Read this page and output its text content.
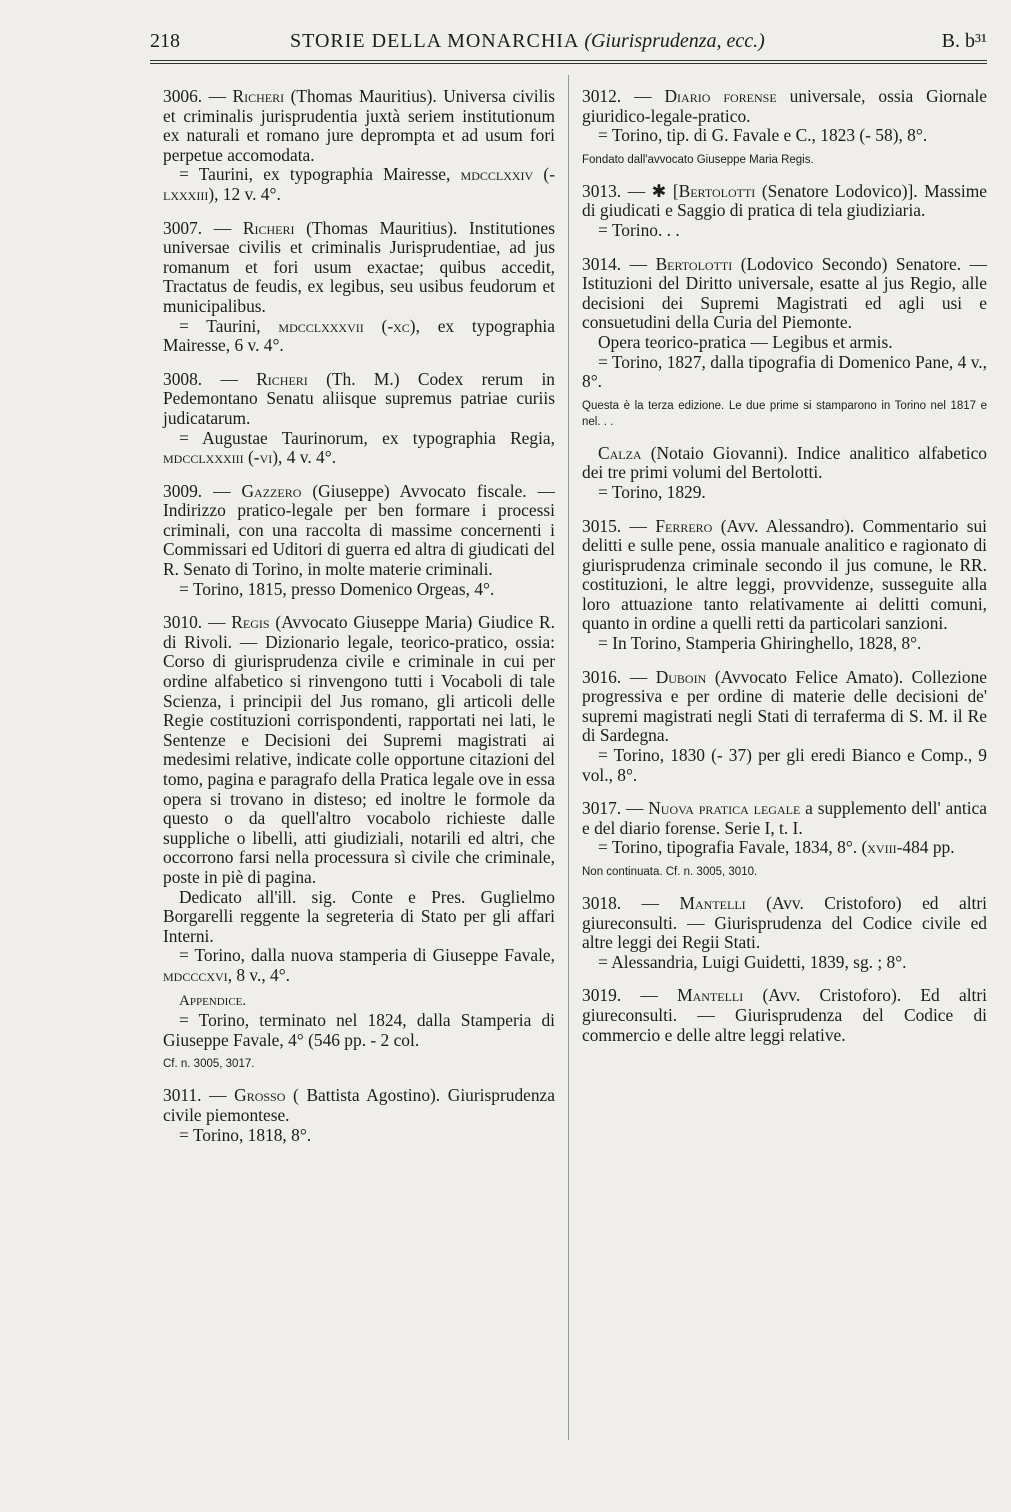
218	STORIE DELLA MONARCHIA (Giurisprudenza, ecc.)	B. b³¹

3006. — Richeri (Thomas Mauritius). Universa civilis et criminalis jurisprudentia juxtà seriem institutionum ex naturali et romano jure deprompta et ad usum fori perpetue accomodata.

= Taurini, ex typographia Mairesse, mdcclxxiv (-lxxxiii), 12 v. 4°.

3007. — Richeri (Thomas Mauritius). Institutiones universae civilis et criminalis Jurisprudentiae, ad jus romanum et fori usum exactae; quibus accedit, Tractatus de feudis, ex legibus, seu usibus feudorum et municipalibus.

= Taurini, mdcclxxxvii (-xc), ex typographia Mairesse, 6 v. 4°.

3008. — Richeri (Th. M.) Codex rerum in Pedemontano Senatu aliisque supremus patriae curiis judicatarum.

= Augustae Taurinorum, ex typographia Regia, mdcclxxxiii (-vi), 4 v. 4°.

3009. — Gazzero (Giuseppe) Avvocato fiscale. — Indirizzo pratico-legale per ben formare i processi criminali, con una raccolta di massime concernenti i Commissari ed Uditori di guerra ed altra di giudicati del R. Senato di Torino, in molte materie criminali.

= Torino, 1815, presso Domenico Orgeas, 4°.

3010. — Regis (Avvocato Giuseppe Maria) Giudice R. di Rivoli. — Dizionario legale, teorico-pratico, ossia: Corso di giurisprudenza civile e criminale in cui per ordine alfabetico si rinvengono tutti i Vocaboli di tale Scienza, i principii del Jus romano, gli articoli delle Regie costituzioni corrispondenti, rapportati nei lati, le Sentenze e Decisioni dei Supremi magistrati ai medesimi relative, indicate colle opportune citazioni del tomo, pagina e paragrafo della Pratica legale ove in essa opera si trovano in disteso; ed inoltre le formole da questo o da quell'altro vocabolo richieste dalle suppliche o libelli, atti giudiziali, notarili ed altri, che occorrono farsi nella processura sì civile che criminale, poste in piè di pagina.

Dedicato all'ill. sig. Conte e Pres. Guglielmo Borgarelli reggente la segreteria di Stato per gli affari Interni.

= Torino, dalla nuova stamperia di Giuseppe Favale, mdcccxvi, 8 v., 4°.

Appendice.

= Torino, terminato nel 1824, dalla Stamperia di Giuseppe Favale, 4° (546 pp. - 2 col.

Cf. n. 3005, 3017.

3011. — Grosso ( Battista Agostino). Giurisprudenza civile piemontese.

= Torino, 1818, 8°.

3012. — Diario forense universale, ossia Giornale giuridico-legale-pratico.

= Torino, tip. di G. Favale e C., 1823 (- 58), 8°.

Fondato dall'avvocato Giuseppe Maria Regis.

3013. — ✱ [Bertolotti (Senatore Lodovico)]. Massime di giudicati e Saggio di pratica di tela giudiziaria.

= Torino. . .

3014. — Bertolotti (Lodovico Secondo) Senatore. — Istituzioni del Diritto universale, esatte al jus Regio, alle decisioni dei Supremi Magistrati ed agli usi e consuetudini della Curia del Piemonte.

Opera teorico-pratica — Legibus et armis.

= Torino, 1827, dalla tipografia di Domenico Pane, 4 v., 8°.

Questa è la terza edizione. Le due prime si stamparono in Torino nel 1817 e nel. . .

Calza (Notaio Giovanni). Indice analitico alfabetico dei tre primi volumi del Bertolotti.

= Torino, 1829.

3015. — Ferrero (Avv. Alessandro). Commentario sui delitti e sulle pene, ossia manuale analitico e ragionato di giurisprudenza criminale secondo il jus comune, le RR. costituzioni, le altre leggi, provvidenze, susseguite alla loro attuazione tanto relativamente ai delitti comuni, quanto in ordine a quelli retti da particolari sanzioni.

= In Torino, Stamperia Ghiringhello, 1828, 8°.

3016. — Duboin (Avvocato Felice Amato). Collezione progressiva e per ordine di materie delle decisioni de' supremi magistrati negli Stati di terraferma di S. M. il Re di Sardegna.

= Torino, 1830 (- 37) per gli eredi Bianco e Comp., 9 vol., 8°.

3017. — Nuova pratica legale a supplemento dell' antica e del diario forense. Serie I, t. I.

= Torino, tipografia Favale, 1834, 8°. (xviii-484 pp.

Non continuata. Cf. n. 3005, 3010.

3018. — Mantelli (Avv. Cristoforo) ed altri giureconsulti. — Giurisprudenza del Codice civile ed altre leggi dei Regii Stati.

= Alessandria, Luigi Guidetti, 1839, sg. ; 8°.

3019. — Mantelli (Avv. Cristoforo). Ed altri giureconsulti. — Giurisprudenza del Codice di commercio e delle altre leggi relative.
